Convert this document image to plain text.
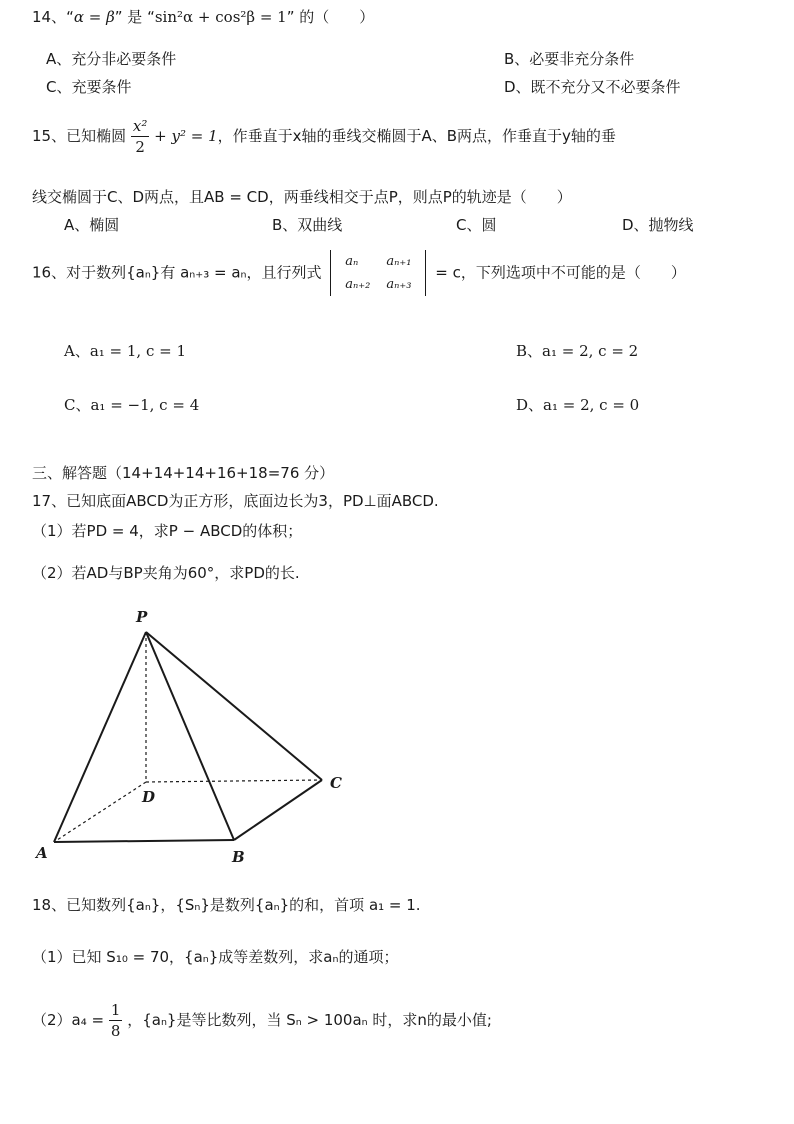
14、“α = β” 是 “sin²α + cos²β = 1” 的（　　）
A、充分非必要条件	B、必要非充分条件
C、充要条件	D、既不充分又不必要条件
15、已知椭圆 $\frac{\text{x²}}{2} + y^2 = 1$，作垂直于x轴的垂线交椭圆于A、B两点，作垂直于y轴的垂
线交椭圆于C、D两点，且AB = CD，两垂线相交于点P，则点P的轨迹是（　　）
A、椭圆	B、双曲线	C、圆	D、抛物线
16、对于数列{aₙ}有 aₙ₊₃ = aₙ，且行列式
aₙ	aₙ₊₁
aₙ₊₂	aₙ₊₃
= c，下列选项中不可能的是（　　）
A、a₁ = 1, c = 1	B、a₁ = 2, c = 2
C、a₁ = −1, c = 4	D、a₁ = 2, c = 0
三、解答题（14+14+14+16+18=76 分）
17、已知底面ABCD为正方形，底面边长为3，PD⊥面ABCD.
（1）若PD = 4，求P − ABCD的体积；
（2）若AD与BP夹角为60°，求PD的长.
P
A	B
C
D
18、已知数列{aₙ}，{Sₙ}是数列{aₙ}的和，首项 a₁ = 1.
（1）已知 S₁₀ = 70，{aₙ}成等差数列，求aₙ的通项；
$(2)a_4 = \frac{1}{8}$ ，{aₙ}是等比数列，当 Sₙ > 100aₙ 时，求n的最小值;
